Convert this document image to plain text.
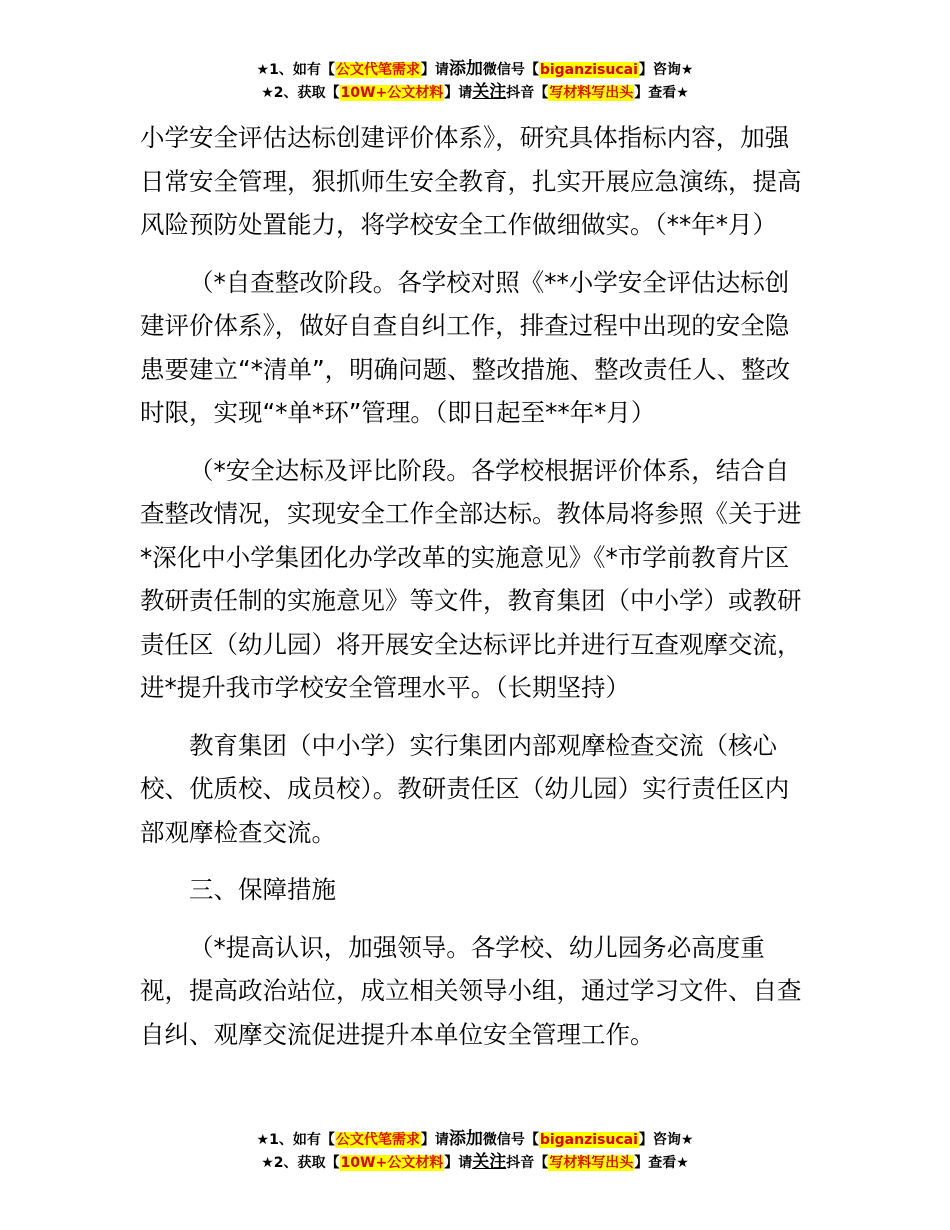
★1、如有【公文代笔需求】请添加微信号【biganzisucai】咨询★
★2、获取【10W+公文材料】请关注抖音【写材料写出头】查看★

小学安全评估达标创建评价体系》，研究具体指标内容，加强日常安全管理，狠抓师生安全教育，扎实开展应急演练，提高风险预防处置能力，将学校安全工作做细做实。（**年*月）

（*自查整改阶段。各学校对照《**小学安全评估达标创建评价体系》，做好自查自纠工作，排查过程中出现的安全隐患要建立“*清单”，明确问题、整改措施、整改责任人、整改时限，实现“*单*环”管理。（即日起至**年*月）

（*安全达标及评比阶段。各学校根据评价体系，结合自查整改情况，实现安全工作全部达标。教体局将参照《关于进*深化中小学集团化办学改革的实施意见》《*市学前教育片区教研责任制的实施意见》等文件，教育集团（中小学）或教研责任区（幼儿园）将开展安全达标评比并进行互查观摩交流，进*提升我市学校安全管理水平。（长期坚持）

教育集团（中小学）实行集团内部观摩检查交流（核心校、优质校、成员校）。教研责任区（幼儿园）实行责任区内部观摩检查交流。

三、保障措施

（*提高认识，加强领导。各学校、幼儿园务必高度重视，提高政治站位，成立相关领导小组，通过学习文件、自查自纠、观摩交流促进提升本单位安全管理工作。

★1、如有【公文代笔需求】请添加微信号【biganzisucai】咨询★
★2、获取【10W+公文材料】请关注抖音【写材料写出头】查看★
